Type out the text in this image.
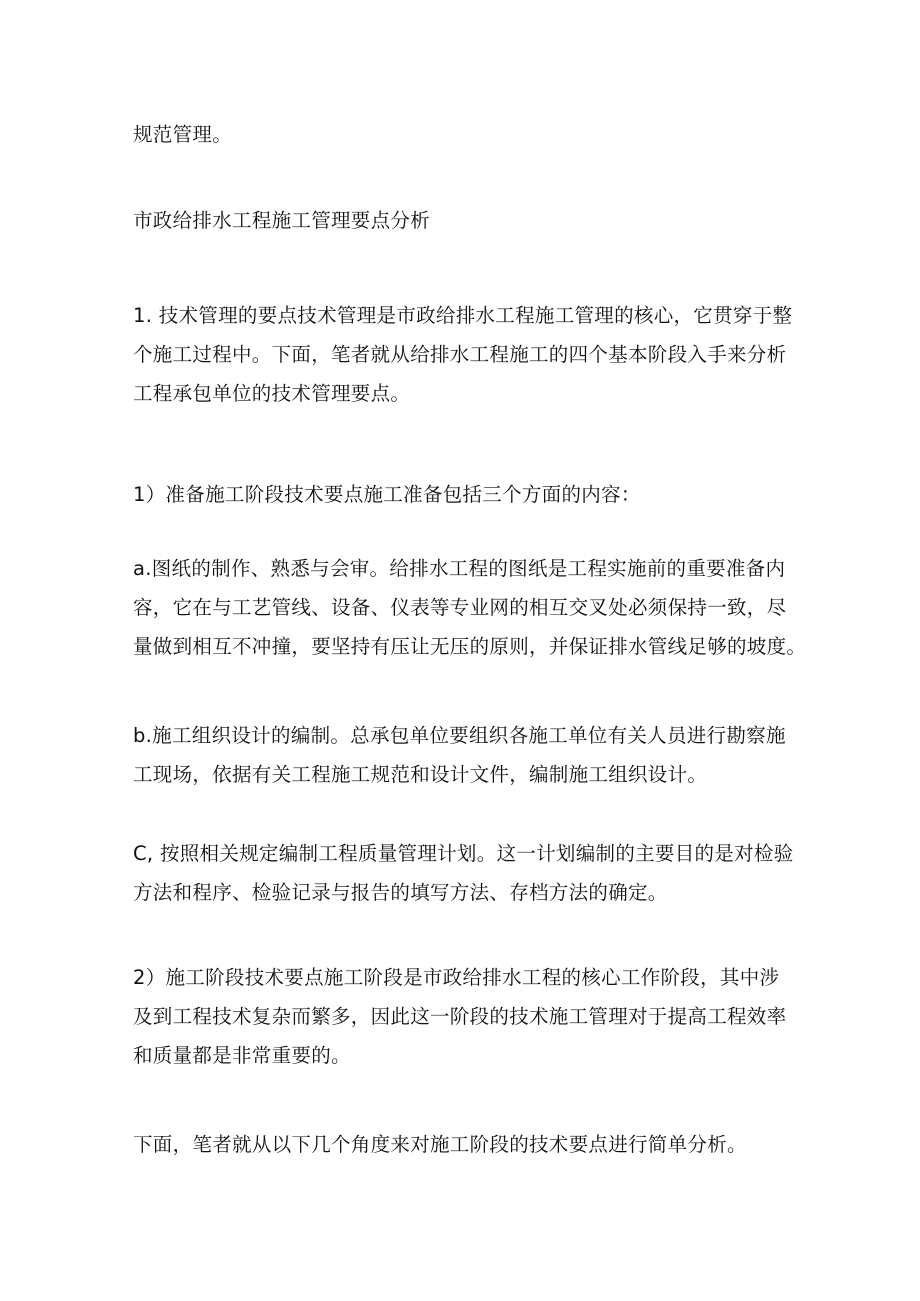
规范管理。
市政给排水工程施工管理要点分析
1. 技术管理的要点技术管理是市政给排水工程施工管理的核心，它贯穿于整
个施工过程中。下面，笔者就从给排水工程施工的四个基本阶段入手来分析
工程承包单位的技术管理要点。
1）准备施工阶段技术要点施工准备包括三个方面的内容：
a.图纸的制作、熟悉与会审。给排水工程的图纸是工程实施前的重要准备内
容，它在与工艺管线、设备、仪表等专业网的相互交叉处必须保持一致，尽
量做到相互不冲撞，要坚持有压让无压的原则，并保证排水管线足够的坡度。
b.施工组织设计的编制。总承包单位要组织各施工单位有关人员进行勘察施
工现场，依据有关工程施工规范和设计文件，编制施工组织设计。
C, 按照相关规定编制工程质量管理计划。这一计划编制的主要目的是对检验
方法和程序、检验记录与报告的填写方法、存档方法的确定。
2）施工阶段技术要点施工阶段是市政给排水工程的核心工作阶段，其中涉
及到工程技术复杂而繁多，因此这一阶段的技术施工管理对于提高工程效率
和质量都是非常重要的。
下面，笔者就从以下几个角度来对施工阶段的技术要点进行简单分析。
